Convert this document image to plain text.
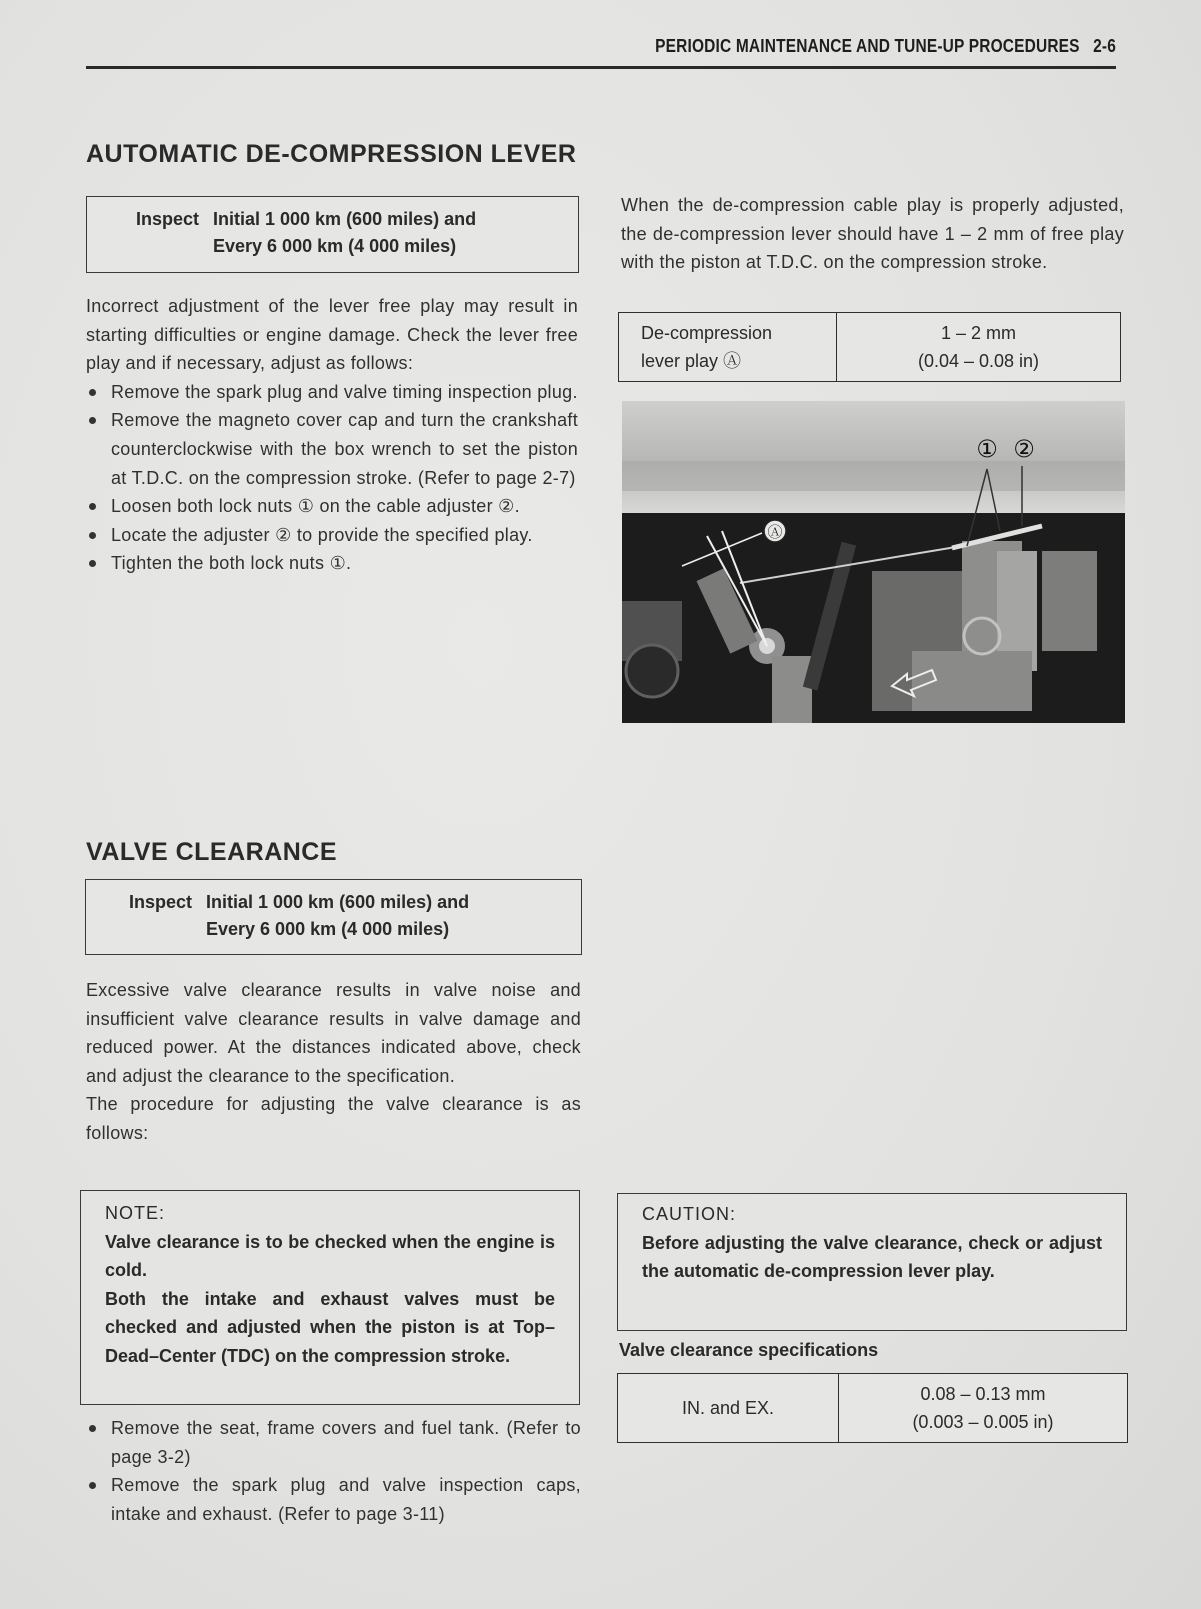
PERIODIC MAINTENANCE AND TUNE-UP PROCEDURES 2-6
AUTOMATIC DE-COMPRESSION LEVER
Inspect Initial 1 000 km (600 miles) and
Every 6 000 km (4 000 miles)
Incorrect adjustment of the lever free play may result in starting difficulties or engine damage. Check the lever free play and if necessary, adjust as follows:
Remove the spark plug and valve timing inspection plug.
Remove the magneto cover cap and turn the crankshaft counterclockwise with the box wrench to set the piston at T.D.C. on the compression stroke. (Refer to page 2-7)
Loosen both lock nuts ① on the cable adjuster ②.
Locate the adjuster ② to provide the specified play.
Tighten the both lock nuts ①.
When the de-compression cable play is properly adjusted, the de-compression lever should have 1 – 2 mm of free play with the piston at T.D.C. on the compression stroke.
De-compression
lever play Ⓐ

1 – 2 mm
(0.04 – 0.08 in)
Ⓐ
① ②
VALVE CLEARANCE
Inspect Initial 1 000 km (600 miles) and
Every 6 000 km (4 000 miles)
Excessive valve clearance results in valve noise and insufficient valve clearance results in valve damage and reduced power. At the distances indicated above, check and adjust the clearance to the specification.
The procedure for adjusting the valve clearance is as follows:
NOTE:
Valve clearance is to be checked when the engine is cold.
Both the intake and exhaust valves must be checked and adjusted when the piston is at Top–Dead–Center (TDC) on the compression stroke.
Remove the seat, frame covers and fuel tank. (Refer to page 3-2)
Remove the spark plug and valve inspection caps, intake and exhaust. (Refer to page 3-11)
CAUTION:
Before adjusting the valve clearance, check or adjust the automatic de-compression lever play.
Valve clearance specifications
IN. and EX.	
0.08 – 0.13 mm
(0.003 – 0.005 in)
